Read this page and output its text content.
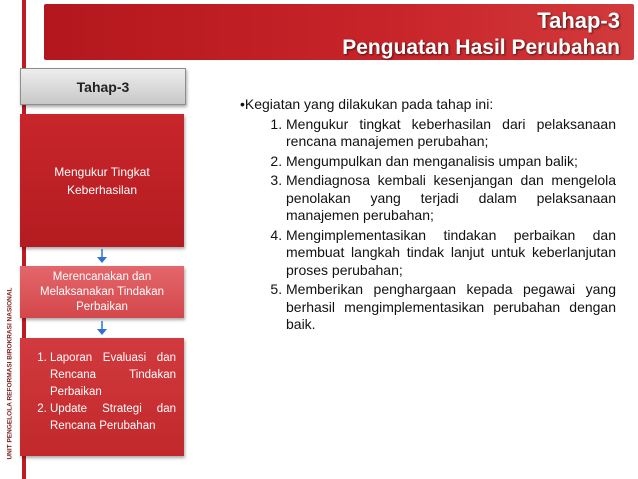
Tahap-3
Penguatan Hasil Perubahan
UNIT PENGELOLA REFORMASI BIROKRASI NASIONAL
Tahap-3
Mengukur Tingkat Keberhasilan
Merencanakan dan Melaksanakan Tindakan Perbaikan
1. Laporan Evaluasi dan Rencana Tindakan Perbaikan
2. Update Strategi dan Rencana Perubahan

•Kegiatan yang dilakukan pada tahap ini:

1. Mengukur tingkat keberhasilan dari pelaksanaan rencana manajemen perubahan;
2. Mengumpulkan dan menganalisis umpan balik;
3. Mendiagnosa kembali kesenjangan dan mengelola penolakan yang terjadi dalam pelaksanaan manajemen perubahan;
4. Mengimplementasikan tindakan perbaikan dan membuat langkah tindak lanjut untuk keberlanjutan proses perubahan;
5. Memberikan penghargaan kepada pegawai yang berhasil mengimplementasikan perubahan dengan baik.
